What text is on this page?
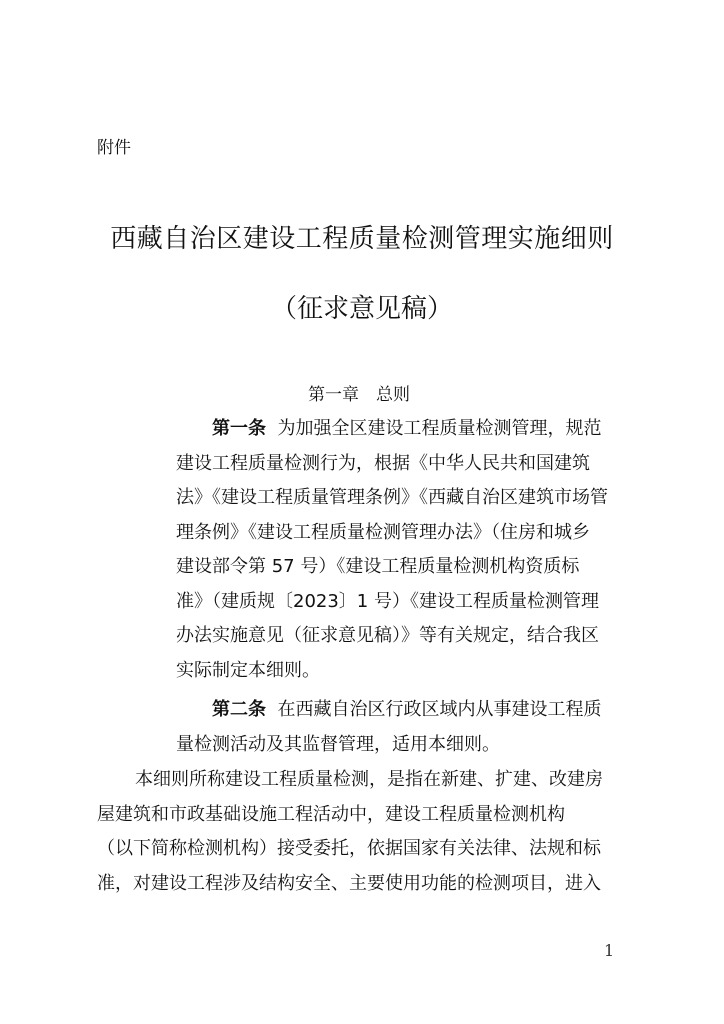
附件
西藏自治区建设工程质量检测管理实施细则
（征求意见稿）
第一章　总则
第一条 为加强全区建设工程质量检测管理，规范
建设工程质量检测行为，根据《中华人民共和国建筑
法》《建设工程质量管理条例》《西藏自治区建筑市场管
理条例》《建设工程质量检测管理办法》（住房和城乡
建设部令第 57 号）《建设工程质量检测机构资质标
准》（建质规〔2023〕1 号）《建设工程质量检测管理
办法实施意见（征求意见稿）》等有关规定，结合我区
实际制定本细则。
第二条 在西藏自治区行政区域内从事建设工程质
量检测活动及其监督管理，适用本细则。
本细则所称建设工程质量检测，是指在新建、扩建、改建房
屋建筑和市政基础设施工程活动中，建设工程质量检测机构
（以下简称检测机构）接受委托，依据国家有关法律、法规和标
准，对建设工程涉及结构安全、主要使用功能的检测项目，进入
1
